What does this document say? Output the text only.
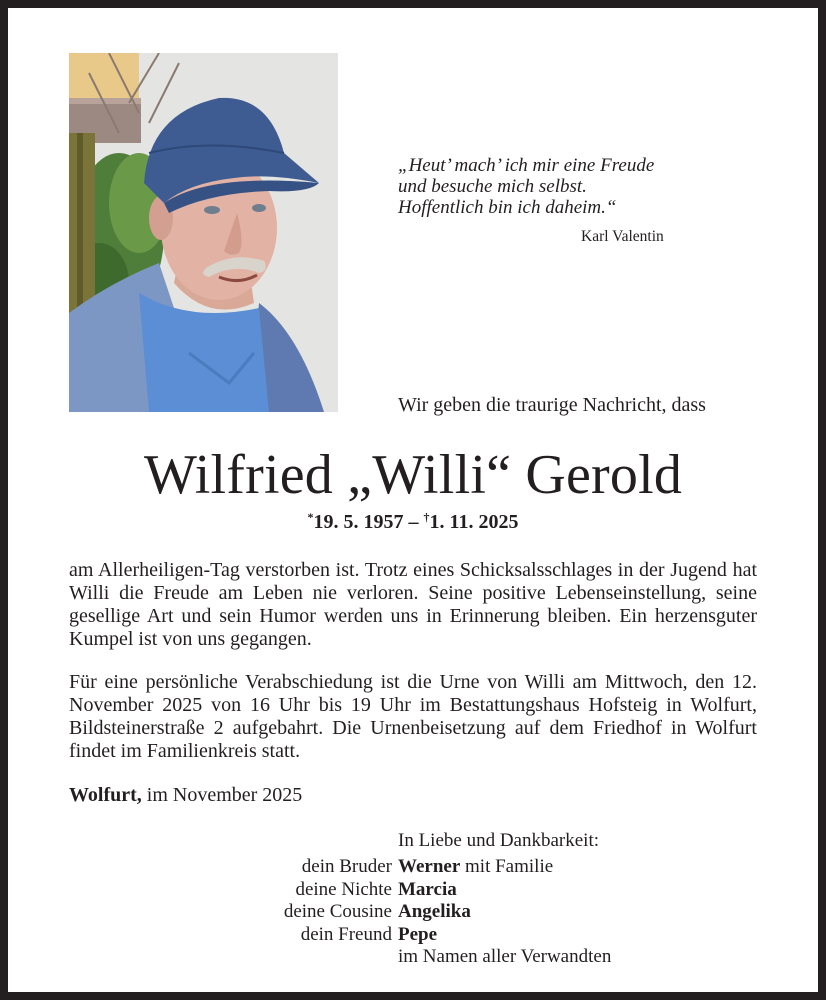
„Heut’ mach’ ich mir eine Freude
und besuche mich selbst.
Hoffentlich bin ich daheim.“
Karl Valentin
Wir geben die traurige Nachricht, dass
Wilfried „Willi“ Gerold
*19. 5. 1957 – †1. 11. 2025
am Allerheiligen-Tag verstorben ist. Trotz eines Schicksalsschlages in der Jugend hat Willi die Freude am Leben nie verloren. Seine positive Lebenseinstellung, seine gesellige Art und sein Humor werden uns in Erinnerung bleiben. Ein herzensguter Kumpel ist von uns gegangen.
Für eine persönliche Verabschiedung ist die Urne von Willi am Mittwoch, den 12. November 2025 von 16 Uhr bis 19 Uhr im Bestattungshaus Hofsteig in Wolfurt, Bildsteinerstraße 2 aufgebahrt. Die Urnenbeisetzung auf dem Friedhof in Wolfurt findet im Familienkreis statt.
Wolfurt, im November 2025
In Liebe und Dankbarkeit:
dein Bruder Werner mit Familie
deine Nichte Marcia
deine Cousine Angelika
dein Freund Pepe
im Namen aller Verwandten
